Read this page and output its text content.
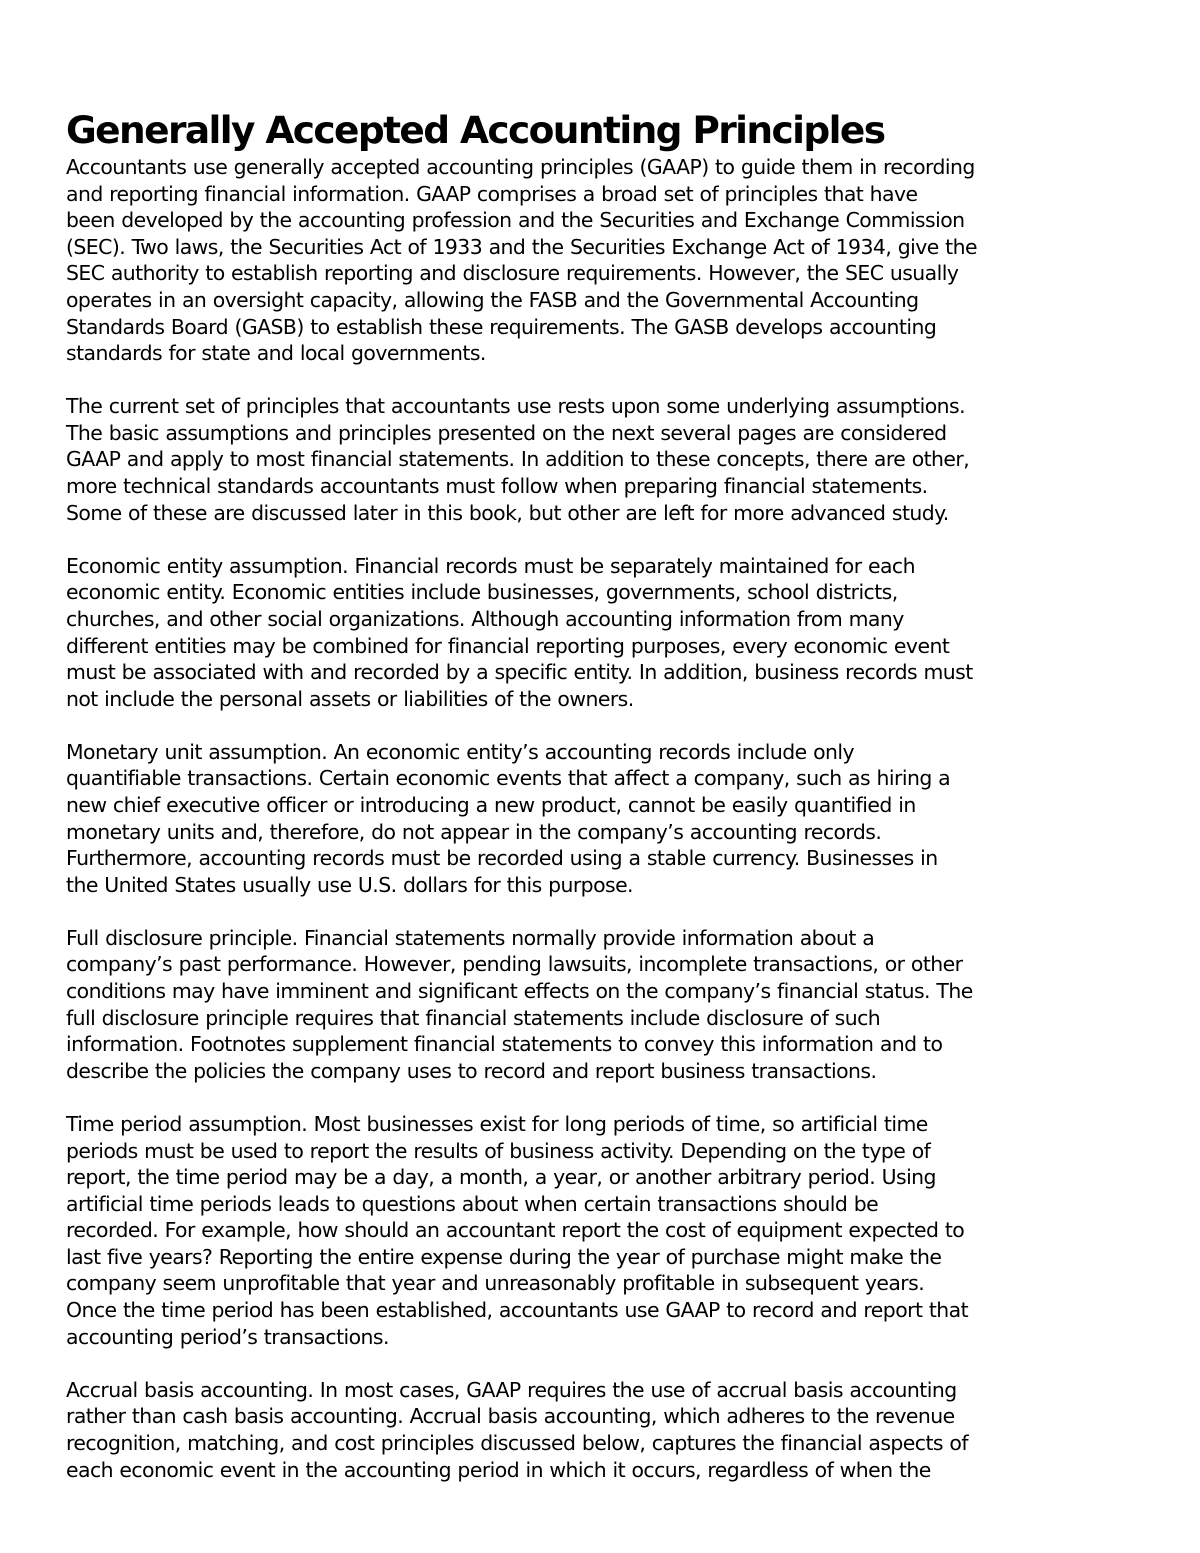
Generally Accepted Accounting Principles

Accountants use generally accepted accounting principles (GAAP) to guide them in recording
and reporting financial information. GAAP comprises a broad set of principles that have
been developed by the accounting profession and the Securities and Exchange Commission
(SEC). Two laws, the Securities Act of 1933 and the Securities Exchange Act of 1934, give the
SEC authority to establish reporting and disclosure requirements. However, the SEC usually
operates in an oversight capacity, allowing the FASB and the Governmental Accounting
Standards Board (GASB) to establish these requirements. The GASB develops accounting
standards for state and local governments.

The current set of principles that accountants use rests upon some underlying assumptions.
The basic assumptions and principles presented on the next several pages are considered
GAAP and apply to most financial statements. In addition to these concepts, there are other,
more technical standards accountants must follow when preparing financial statements.
Some of these are discussed later in this book, but other are left for more advanced study.

Economic entity assumption. Financial records must be separately maintained for each
economic entity. Economic entities include businesses, governments, school districts,
churches, and other social organizations. Although accounting information from many
different entities may be combined for financial reporting purposes, every economic event
must be associated with and recorded by a specific entity. In addition, business records must
not include the personal assets or liabilities of the owners.

Monetary unit assumption. An economic entity’s accounting records include only
quantifiable transactions. Certain economic events that affect a company, such as hiring a
new chief executive officer or introducing a new product, cannot be easily quantified in
monetary units and, therefore, do not appear in the company’s accounting records.
Furthermore, accounting records must be recorded using a stable currency. Businesses in
the United States usually use U.S. dollars for this purpose.

Full disclosure principle. Financial statements normally provide information about a
company’s past performance. However, pending lawsuits, incomplete transactions, or other
conditions may have imminent and significant effects on the company’s financial status. The
full disclosure principle requires that financial statements include disclosure of such
information. Footnotes supplement financial statements to convey this information and to
describe the policies the company uses to record and report business transactions.

Time period assumption. Most businesses exist for long periods of time, so artificial time
periods must be used to report the results of business activity. Depending on the type of
report, the time period may be a day, a month, a year, or another arbitrary period. Using
artificial time periods leads to questions about when certain transactions should be
recorded. For example, how should an accountant report the cost of equipment expected to
last five years? Reporting the entire expense during the year of purchase might make the
company seem unprofitable that year and unreasonably profitable in subsequent years.
Once the time period has been established, accountants use GAAP to record and report that
accounting period’s transactions.

Accrual basis accounting. In most cases, GAAP requires the use of accrual basis accounting
rather than cash basis accounting. Accrual basis accounting, which adheres to the revenue
recognition, matching, and cost principles discussed below, captures the financial aspects of
each economic event in the accounting period in which it occurs, regardless of when the
